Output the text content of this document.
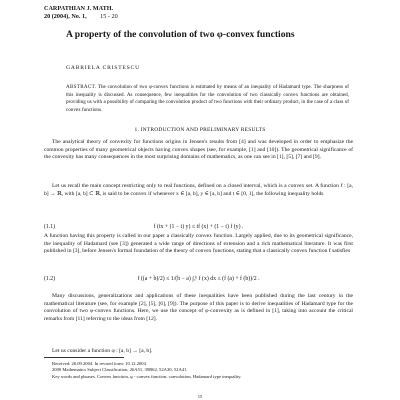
CARPATHIAN J. MATH.
20 (2004), No. 1, 15 - 20
A property of the convolution of two φ-convex functions
GABRIELA CRISTESCU
ABSTRACT. The convolution of two φ-convex functions is estimated by means of an inequality of Hadamard type. The sharpness of this inequality is discussed. As consequence, few inequalities for the convolution of two classically convex functions are obtained, providing us with a possibility of comparing the convolution product of two functions with their ordinary product, in the case of a class of convex functions.
1. INTRODUCTION AND PRELIMINARY RESULTS
The analytical theory of convexity for functions origins in Jensen's results from [4] and was developed in order to emphasize the common properties of many geometrical objects having convex shapes (see, for example, [1] and [10]). The geometrical significance of the convexity has many consequences in the most surprising domains of mathematics, as one can see in [1], [5], [7] and [9].
Let us recall the main concept restricting only to real functions, defined on a closed interval, which is a convex set. A function f : [a, b] → ℝ, with [a, b] ⊂ ℝ, is said to be convex if whenever x ∈ [a, b], y ∈ [a, b] and t ∈ [0, 1], the following inequality holds
(1.1)	f (tx + (1 − t) y) ≤ tf (x) + (1 − t) f (y) .
A function having this property is called in our paper a classically convex function. Largely applied, due to its geometrical significance, the inequality of Hadamard (see [3]) generated a wide range of directions of extension and a rich mathematical literature. It was first published in [3], before Jensen's formal foundation of the theory of convex functions, stating that a classically convex function f satisfies
(1.2)	f ((a + b)/2) ≤ 1/(b − a) ∫ₐᵇ f (x) dx ≤ (f (a) + f (b))/2 .
Many discussions, generalizations and applications of these inequalities have been published during the last century in the mathematical literature (see, for example [2], [5], [6], [9]). The purpose of this paper is to derive inequalities of Hadamard type for the convolution of two φ-convex functions. Here, we use the concept of φ-convexity as is defined in [1], taking into account the critical remarks from [11] referring to the ideas from [12].
Let us consider a function φ : [a, b] → [a, b].
Received: 26.09.2004. In revised form: 10.12.2004
2000 Mathematics Subject Classification. 26A51, 39B62, 52A30, 52A41.
Key words and phrases. Convex function, φ - convex function, convolution, Hadamard type inequality.
15
